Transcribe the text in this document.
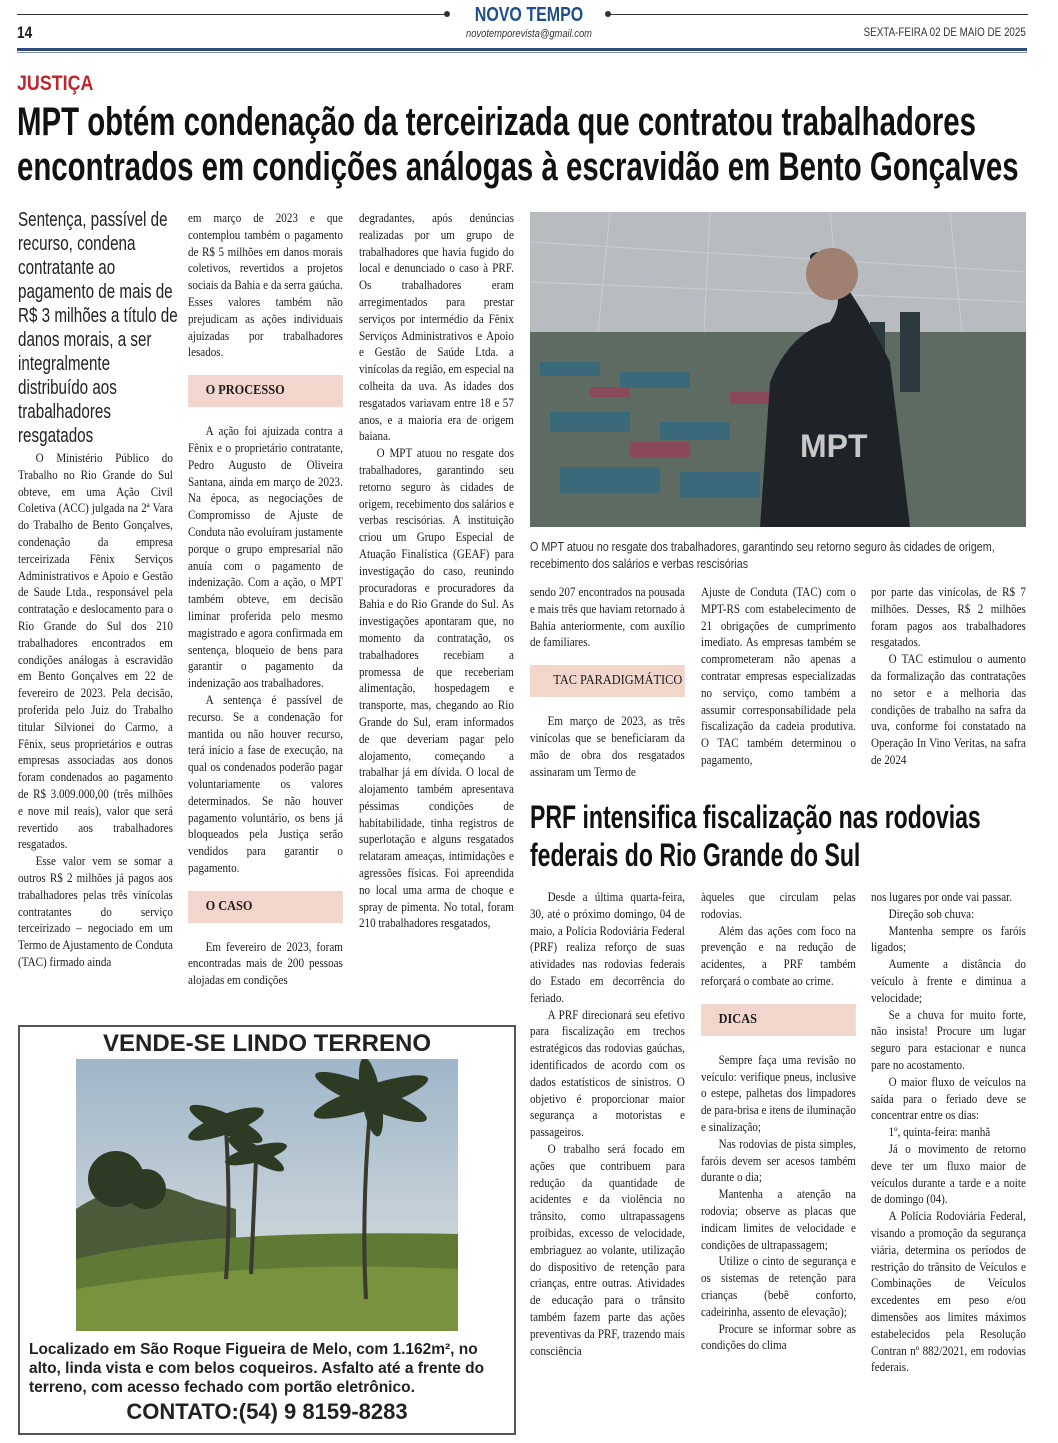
NOVO TEMPO
novotemporevista@gmail.com
14	SEXTA-FEIRA 02 DE MAIO DE 2025
JUSTIÇA
MPT obtém condenação da terceirizada que contratou trabalhadores
encontrados em condições análogas à escravidão em Bento Gonçalves
Sentença, passível de recurso, condena contratante ao pagamento de mais de R$ 3 milhões a título de danos morais, a ser integralmente distribuído aos trabalhadores resgatados

O Ministério Público do Trabalho no Rio Grande do Sul obteve, em uma Ação Civil Coletiva (ACC) julgada na 2ª Vara do Trabalho de Bento Gonçalves, condenação da empresa terceirizada Fênix Serviços Administrativos e Apoio e Gestão de Saude Ltda., responsável pela contratação e deslocamento para o Rio Grande do Sul dos 210 trabalhadores encontrados em condições análogas à escravidão em Bento Gonçalves em 22 de fevereiro de 2023. Pela decisão, proferida pelo Juiz do Trabalho titular Silvionei do Carmo, a Fênix, seus proprietários e outras empresas associadas aos donos foram condenados ao pagamento de R$ 3.009.000,00 (três milhões e nove mil reais), valor que será revertido aos trabalhadores resgatados.

Esse valor vem se somar a outros R$ 2 milhões já pagos aos trabalhadores pelas três vinícolas contratantes do serviço terceirizado – negociado em um Termo de Ajustamento de Conduta (TAC) firmado ainda

em março de 2023 e que contemplou também o pagamento de R$ 5 milhões em danos morais coletivos, revertidos a projetos sociais da Bahia e da serra gaúcha. Esses valores também não prejudicam as ações individuais ajuizadas por trabalhadores lesados.

O PROCESSO

A ação foi ajuizada contra a Fênix e o proprietário contratante, Pedro Augusto de Oliveira Santana, ainda em março de 2023. Na época, as negociações de Compromisso de Ajuste de Conduta não evoluíram justamente porque o grupo empresarial não anuía com o pagamento de indenização. Com a ação, o MPT também obteve, em decisão liminar proferida pelo mesmo magistrado e agora confirmada em sentença, bloqueio de bens para garantir o pagamento da indenização aos trabalhadores.

A sentença é passível de recurso. Se a condenação for mantida ou não houver recurso, terá início a fase de execução, na qual os condenados poderão pagar voluntariamente os valores determinados. Se não houver pagamento voluntário, os bens já bloqueados pela Justiça serão vendidos para garantir o pagamento.

O CASO

Em fevereiro de 2023, foram encontradas mais de 200 pessoas alojadas em condições

degradantes, após denúncias realizadas por um grupo de trabalhadores que havia fugido do local e denunciado o caso à PRF. Os trabalhadores eram arregimentados para prestar serviços por intermédio da Fênix Serviços Administrativos e Apoio e Gestão de Saúde Ltda. a vinícolas da região, em especial na colheita da uva. As idades dos resgatados variavam entre 18 e 57 anos, e a maioria era de origem baiana.

O MPT atuou no resgate dos trabalhadores, garantindo seu retorno seguro às cidades de origem, recebimento dos salários e verbas rescisórias. A instituição criou um Grupo Especial de Atuação Finalística (GEAF) para investigação do caso, reunindo procuradoras e procuradores da Bahia e do Rio Grande do Sul. As investigações apontaram que, no momento da contratação, os trabalhadores recebiam a promessa de que receberiam alimentação, hospedagem e transporte, mas, chegando ao Rio Grande do Sul, eram informados de que deveriam pagar pelo alojamento, começando a trabalhar já em dívida. O local de alojamento também apresentava péssimas condições de habitabilidade, tinha registros de superlotação e alguns resgatados relataram ameaças, intimidações e agressões físicas. Foi apreendida no local uma arma de choque e spray de pimenta. No total, foram 210 trabalhadores resgatados,

sendo 207 encontrados na pousada e mais três que haviam retornado à Bahia anteriormente, com auxílio de familiares.

TAC PARADIGMÁTICO

Em março de 2023, as três vinícolas que se beneficiaram da mão de obra dos resgatados assinaram um Termo de

Ajuste de Conduta (TAC) com o MPT-RS com estabelecimento de 21 obrigações de cumprimento imediato. As empresas também se comprometeram não apenas a contratar empresas especializadas no serviço, como também a assumir corresponsabilidade pela fiscalização da cadeia produtiva. O TAC também determinou o pagamento,

por parte das vinícolas, de R$ 7 milhões. Desses, R$ 2 milhões foram pagos aos trabalhadores resgatados.

O TAC estimulou o aumento da formalização das contratações no setor e a melhoria das condições de trabalho na safra da uva, conforme foi constatado na Operação In Vino Veritas, na safra de 2024

MPT
O MPT atuou no resgate dos trabalhadores, garantindo seu retorno seguro às cidades de origem, recebimento dos salários e verbas rescisórias
PRF intensifica fiscalização nas rodovias
federais do Rio Grande do Sul

Desde a última quarta-feira, 30, até o próximo domingo, 04 de maio, a Polícia Rodoviária Federal (PRF) realiza reforço de suas atividades nas rodovias federais do Estado em decorrência do feriado.

A PRF direcionará seu efetivo para fiscalização em trechos estratégicos das rodovias gaúchas, identificados de acordo com os dados estatísticos de sinistros. O objetivo é proporcionar maior segurança a motoristas e passageiros.

O trabalho será focado em ações que contribuem para redução da quantidade de acidentes e da violência no trânsito, como ultrapassagens proibidas, excesso de velocidade, embriaguez ao volante, utilização do dispositivo de retenção para crianças, entre outras. Atividades de educação para o trânsito também fazem parte das ações preventivas da PRF, trazendo mais consciência

àqueles que circulam pelas rodovias.

Além das ações com foco na prevenção e na redução de acidentes, a PRF também reforçará o combate ao crime.

DICAS

Sempre faça uma revisão no veículo: verifique pneus, inclusive o estepe, palhetas dos limpadores de para-brisa e itens de iluminação e sinalização;

Nas rodovias de pista simples, faróis devem ser acesos também durante o dia;

Mantenha a atenção na rodovia; observe as placas que indicam limites de velocidade e condições de ultrapassagem;

Utilize o cinto de segurança e os sistemas de retenção para crianças (bebê conforto, cadeirinha, assento de elevação);

Procure se informar sobre as condições do clima

nos lugares por onde vai passar.

Direção sob chuva:

Mantenha sempre os faróis ligados;

Aumente a distância do veículo à frente e diminua a velocidade;

Se a chuva for muito forte, não insista! Procure um lugar seguro para estacionar e nunca pare no acostamento.

O maior fluxo de veículos na saída para o feriado deve se concentrar entre os dias:

1º, quinta-feira: manhã

Já o movimento de retorno deve ter um fluxo maior de veículos durante a tarde e a noite de domingo (04).

A Polícia Rodoviária Federal, visando a promoção da segurança viária, determina os períodos de restrição do trânsito de Veículos e Combinações de Veículos excedentes em peso e/ou dimensões aos limites máximos estabelecidos pela Resolução Contran nº 882/2021, em rodovias federais.

VENDE-SE LINDO TERRENO
Localizado em São Roque Figueira de Melo, com 1.162m², no alto, linda vista e com belos coqueiros. Asfalto até a frente do terreno, com acesso fechado com portão eletrônico.
CONTATO:(54) 9 8159-8283
